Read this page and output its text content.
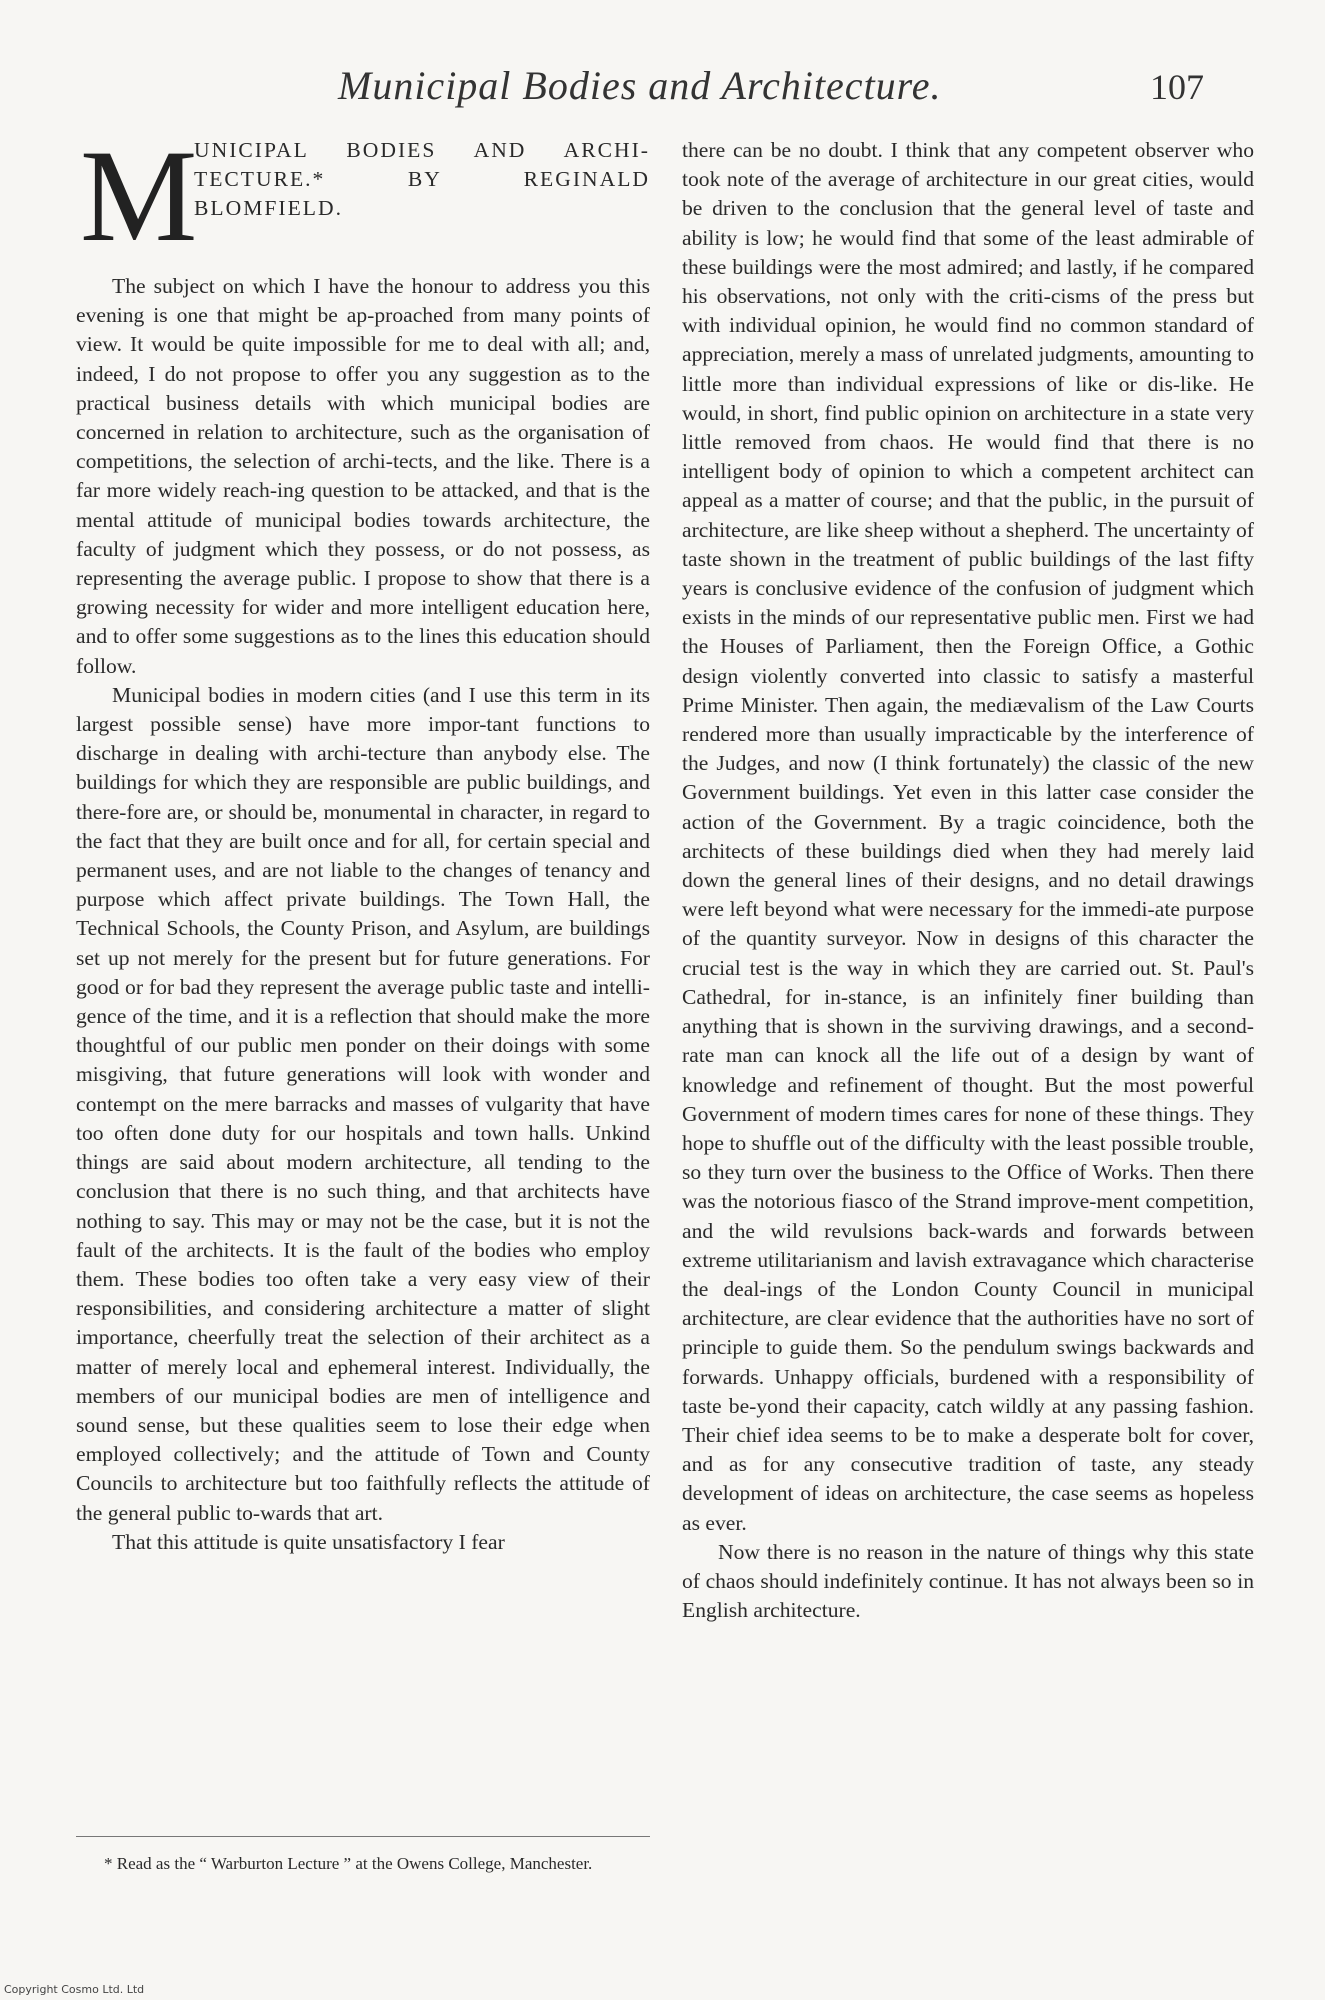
Municipal Bodies and Architecture.	107
M
UNICIPAL BODIES AND ARCHI-TECTURE.* BY REGINALD BLOMFIELD.

The subject on which I have the honour to address you this evening is one that might be ap-proached from many points of view. It would be quite impossible for me to deal with all; and, indeed, I do not propose to offer you any suggestion as to the practical business details with which municipal bodies are concerned in relation to architecture, such as the organisation of competitions, the selection of archi-tects, and the like. There is a far more widely reach-ing question to be attacked, and that is the mental attitude of municipal bodies towards architecture, the faculty of judgment which they possess, or do not possess, as representing the average public. I propose to show that there is a growing necessity for wider and more intelligent education here, and to offer some suggestions as to the lines this education should follow.

Municipal bodies in modern cities (and I use this term in its largest possible sense) have more impor-tant functions to discharge in dealing with archi-tecture than anybody else. The buildings for which they are responsible are public buildings, and there-fore are, or should be, monumental in character, in regard to the fact that they are built once and for all, for certain special and permanent uses, and are not liable to the changes of tenancy and purpose which affect private buildings. The Town Hall, the Technical Schools, the County Prison, and Asylum, are buildings set up not merely for the present but for future generations. For good or for bad they represent the average public taste and intelli-gence of the time, and it is a reflection that should make the more thoughtful of our public men ponder on their doings with some misgiving, that future generations will look with wonder and contempt on the mere barracks and masses of vulgarity that have too often done duty for our hospitals and town halls. Unkind things are said about modern architecture, all tending to the conclusion that there is no such thing, and that architects have nothing to say. This may or may not be the case, but it is not the fault of the architects. It is the fault of the bodies who employ them. These bodies too often take a very easy view of their responsibilities, and considering architecture a matter of slight importance, cheerfully treat the selection of their architect as a matter of merely local and ephemeral interest. Individually, the members of our municipal bodies are men of intelligence and sound sense, but these qualities seem to lose their edge when employed collectively; and the attitude of Town and County Councils to architecture but too faithfully reflects the attitude of the general public to-wards that art.

That this attitude is quite unsatisfactory I fear

there can be no doubt. I think that any competent observer who took note of the average of architecture in our great cities, would be driven to the conclusion that the general level of taste and ability is low; he would find that some of the least admirable of these buildings were the most admired; and lastly, if he compared his observations, not only with the criti-cisms of the press but with individual opinion, he would find no common standard of appreciation, merely a mass of unrelated judgments, amounting to little more than individual expressions of like or dis-like. He would, in short, find public opinion on architecture in a state very little removed from chaos. He would find that there is no intelligent body of opinion to which a competent architect can appeal as a matter of course; and that the public, in the pursuit of architecture, are like sheep without a shepherd. The uncertainty of taste shown in the treatment of public buildings of the last fifty years is conclusive evidence of the confusion of judgment which exists in the minds of our representative public men. First we had the Houses of Parliament, then the Foreign Office, a Gothic design violently converted into classic to satisfy a masterful Prime Minister. Then again, the mediævalism of the Law Courts rendered more than usually impracticable by the interference of the Judges, and now (I think fortunately) the classic of the new Government buildings. Yet even in this latter case consider the action of the Government. By a tragic coincidence, both the architects of these buildings died when they had merely laid down the general lines of their designs, and no detail drawings were left beyond what were necessary for the immedi-ate purpose of the quantity surveyor. Now in designs of this character the crucial test is the way in which they are carried out. St. Paul's Cathedral, for in-stance, is an infinitely finer building than anything that is shown in the surviving drawings, and a second-rate man can knock all the life out of a design by want of knowledge and refinement of thought. But the most powerful Government of modern times cares for none of these things. They hope to shuffle out of the difficulty with the least possible trouble, so they turn over the business to the Office of Works. Then there was the notorious fiasco of the Strand improve-ment competition, and the wild revulsions back-wards and forwards between extreme utilitarianism and lavish extravagance which characterise the deal-ings of the London County Council in municipal architecture, are clear evidence that the authorities have no sort of principle to guide them. So the pendulum swings backwards and forwards. Unhappy officials, burdened with a responsibility of taste be-yond their capacity, catch wildly at any passing fashion. Their chief idea seems to be to make a desperate bolt for cover, and as for any consecutive tradition of taste, any steady development of ideas on architecture, the case seems as hopeless as ever.

Now there is no reason in the nature of things why this state of chaos should indefinitely continue. It has not always been so in English architecture.

* Read as the “ Warburton Lecture ” at the Owens College, Manchester.
Copyright Cosmo Ltd. Ltd
